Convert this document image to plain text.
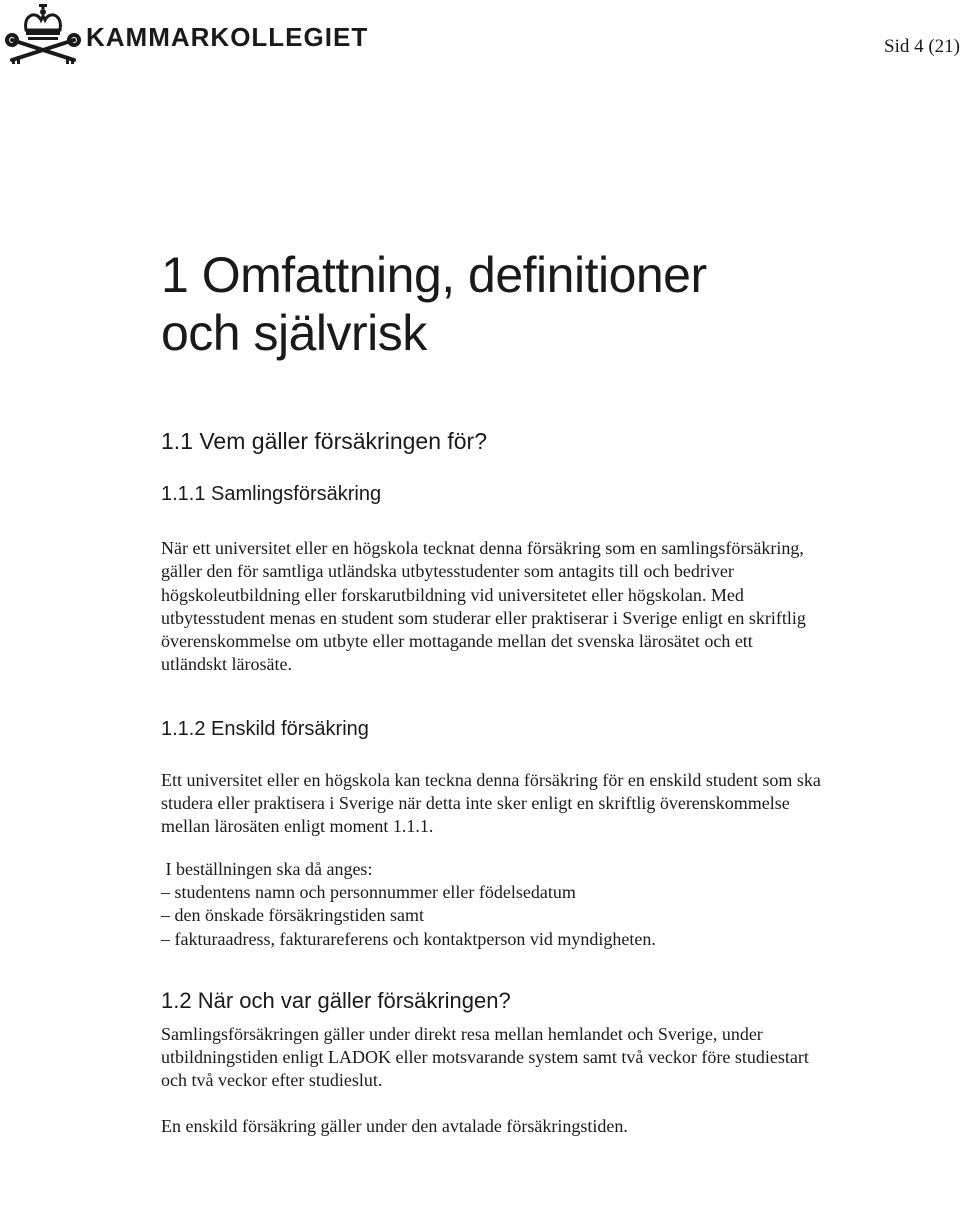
KAMMARKOLLEGIET	Sid 4 (21)
1 Omfattning, definitioner och självrisk
1.1 Vem gäller försäkringen för?
1.1.1 Samlingsförsäkring

När ett universitet eller en högskola tecknat denna försäkring som en samlingsförsäkring, gäller den för samtliga utländska utbytesstudenter som antagits till och bedriver högskoleutbildning eller forskarutbildning vid universitetet eller högskolan. Med utbytesstudent menas en student som studerar eller praktiserar i Sverige enligt en skriftlig överenskommelse om utbyte eller mottagande mellan det svenska lärosätet och ett utländskt lärosäte.

1.1.2 Enskild försäkring

Ett universitet eller en högskola kan teckna denna försäkring för en enskild student som ska studera eller praktisera i Sverige när detta inte sker enligt en skriftlig överenskommelse mellan lärosäten enligt moment 1.1.1.

I beställningen ska då anges:

– studentens namn och personnummer eller födelsedatum
– den önskade försäkringstiden samt
– fakturaadress, fakturareferens och kontaktperson vid myndigheten.
1.2 När och var gäller försäkringen?

Samlingsförsäkringen gäller under direkt resa mellan hemlandet och Sverige, under utbildningstiden enligt LADOK eller motsvarande system samt två veckor före studiestart och två veckor efter studieslut.

En enskild försäkring gäller under den avtalade försäkringstiden.
